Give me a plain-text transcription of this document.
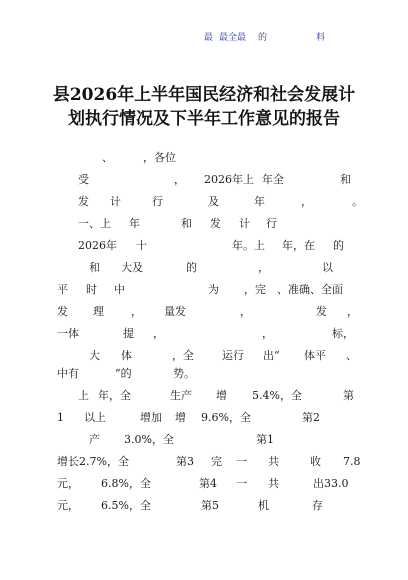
最 最全最 的	料
县2026年上半年国民经济和社会发展计
划执行情况及下半年工作意见的报告
、	，各位
受	， 2026年上 年全	和
发 计	行	及	年	，	。
一、上 年	和 发 计 行
2026年 十	年。上 年，在 的
和 大及	的	，	以
平 时 中	为 ，完 、准确、全面
发 理 ， 量发	，	发 ，
一体	提 ，	，	标，
大 体	，全	运行 出“ 体平 、
中有	”的	势。
上 年，全	生产 增 5.4%，全	第
1 以上	增加 增 9.6%，全	第2
产 3.0%，全	第1
增长2.7%，全	第3 完 一 共	收 7.8
元， 6.8%，全	第4 一 共	出33.0
元， 6.5%，全	第5	机	存
